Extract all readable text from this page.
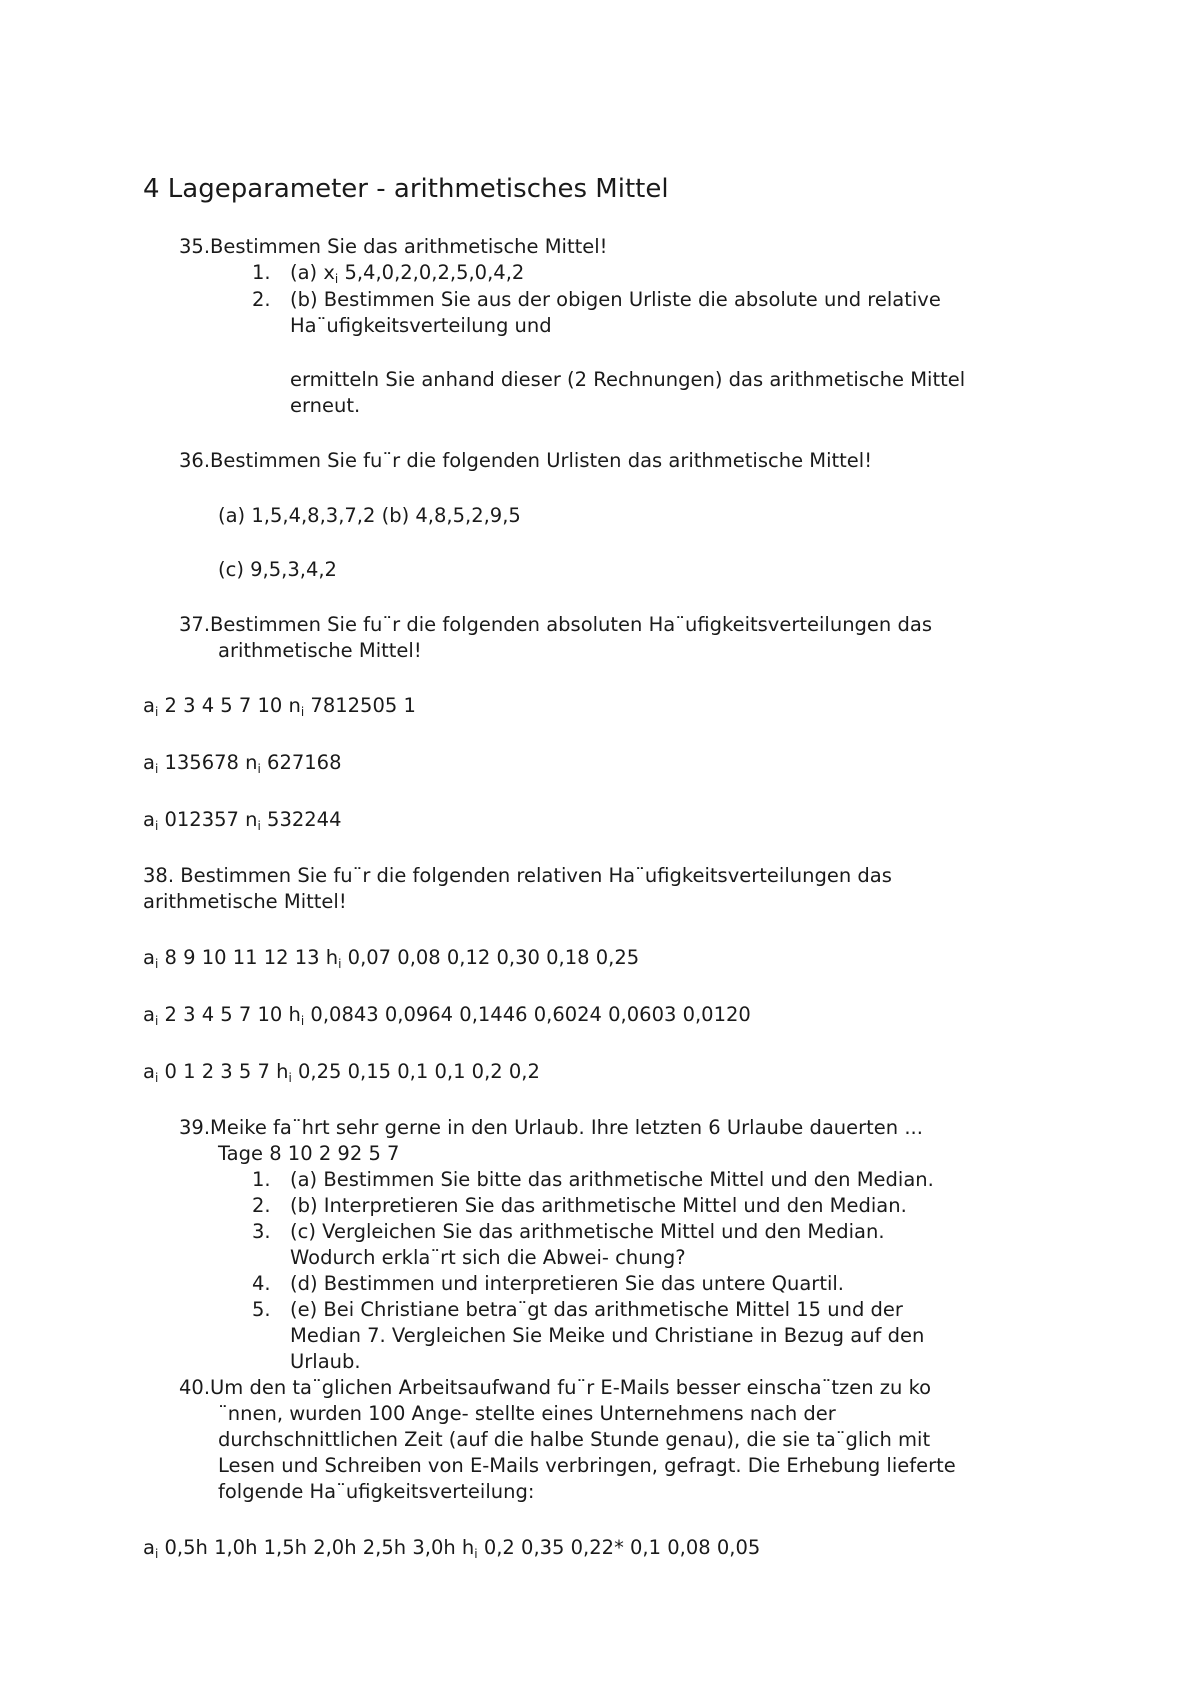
4 Lageparameter - arithmetisches Mittel
35.Bestimmen Sie das arithmetische Mittel!
1. (a) $x_i$ 5,4,0,2,0,2,5,0,4,2
2. (b) Bestimmen Sie aus der obigen Urliste die absolute und relative
Ha¨ufigkeitsverteilung und
ermitteln Sie anhand dieser (2 Rechnungen) das arithmetische Mittel
erneut.
36.Bestimmen Sie fu¨r die folgenden Urlisten das arithmetische Mittel!
(a) 1,5,4,8,3,7,2 (b) 4,8,5,2,9,5
(c) 9,5,3,4,2
37.Bestimmen Sie fu¨r die folgenden absoluten Ha¨ufigkeitsverteilungen das
arithmetische Mittel!
$a_i$ 2 3 4 5 7 10 $n_i$ 7812505 1
$a_i$ 135678 $n_i$ 627168
$a_i$ 012357 $n_i$ 532244
38. Bestimmen Sie fu¨r die folgenden relativen Ha¨ufigkeitsverteilungen das
arithmetische Mittel!
$a_i$ 8 9 10 11 12 13 $h_i$ 0,07 0,08 0,12 0,30 0,18 0,25
$a_i$ 2 3 4 5 7 10 $h_i$ 0,0843 0,0964 0,1446 0,6024 0,0603 0,0120
$a_i$ 0 1 2 3 5 7 $h_i$ 0,25 0,15 0,1 0,1 0,2 0,2
39.Meike fa¨hrt sehr gerne in den Urlaub. Ihre letzten 6 Urlaube dauerten ...
Tage 8 10 2 92 5 7
1. (a) Bestimmen Sie bitte das arithmetische Mittel und den Median.
2. (b) Interpretieren Sie das arithmetische Mittel und den Median.
3. (c) Vergleichen Sie das arithmetische Mittel und den Median.
Wodurch erkla¨rt sich die Abwei- chung?
4. (d) Bestimmen und interpretieren Sie das untere Quartil.
5. (e) Bei Christiane betra¨gt das arithmetische Mittel 15 und der
Median 7. Vergleichen Sie Meike und Christiane in Bezug auf den
Urlaub.
40.Um den ta¨glichen Arbeitsaufwand fu¨r E-Mails besser einscha¨tzen zu ko
¨nnen, wurden 100 Ange- stellte eines Unternehmens nach der
durchschnittlichen Zeit (auf die halbe Stunde genau), die sie ta¨glich mit
Lesen und Schreiben von E-Mails verbringen, gefragt. Die Erhebung lieferte
folgende Ha¨ufigkeitsverteilung:
$a_i$ 0,5h 1,0h 1,5h 2,0h 2,5h 3,0h $h_i$ 0,2 0,35 0,22* 0,1 0,08 0,05
